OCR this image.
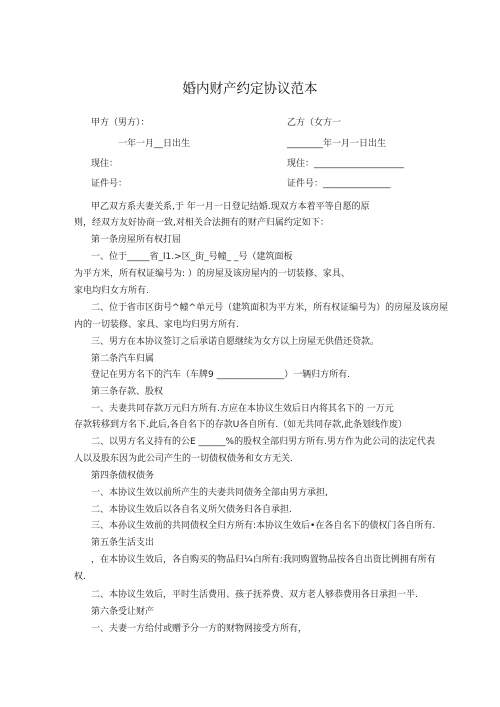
婚内财产约定协议范本
甲方（男方）：	乙方（女方一
一年一月__日出生	________年一月一日出生
现住：	现住：____________________
证件号：	证件号：_______________
甲乙双方系夫妻关系,于 年一月一日登记结婚.现双方本着平等自愿的原
则，经双方友好协商一致,对相关合法拥有的财产归属约定如下：
第一条房屋所有权打屈
一、位于_____省_l1.>区_街_号幢_ _号（建筑面板
为平方米，所有权证编号为: ）的房屋及该房屋内的一切装修、家具、
家电均归女方所有.
二、位于省市区街号^幢^单元号（建筑面积为平方米，所有权证编号为）的房屋及该房屋
内的一切装修、家具、家电均归男方所有.
三、男方在本协议签订之后承诺自愿继续为女方以上房屋无供借还贷款。
第二条汽车归属
登记在男方名下的汽车（车牌9 _______________）一辆归方所有.
第三条存款、股权
一、夫妻共同存款万元归方所有.方应在本协议生效后日内将其名下的 一万元
存款转移到方名下.此后,各自名下的存款U各自所有.（如无共同存款,此条划线作废）
二、以男方名义持有的公E ______%的股权全部归男方所有.男方作为此公司的法定代表
人以及股东因为此公司产生的一切债权债务和女方无关.
第四条债权债务
一、本协议生效以前所产生的夫妻共同债务全部由男方承担,
二、本协议生效后以各自名义所欠债务归各自承担.
三、本孙议生效前的共同债权全归方所有:本协议生效后•在各自名下的债权门各自所有.
第五条生活支出
，在本协议生效后，各自购买的物品归¼白所有:我同购置物品按各自出资比例拥有所有
权.
二、本协议生效后，平时生活费用、孩子抚养费、双方老人够恭费用各日承担一半.
第六条受让财产
一、夫妻一方给付或赠予分一方的财物网接受方所有，
